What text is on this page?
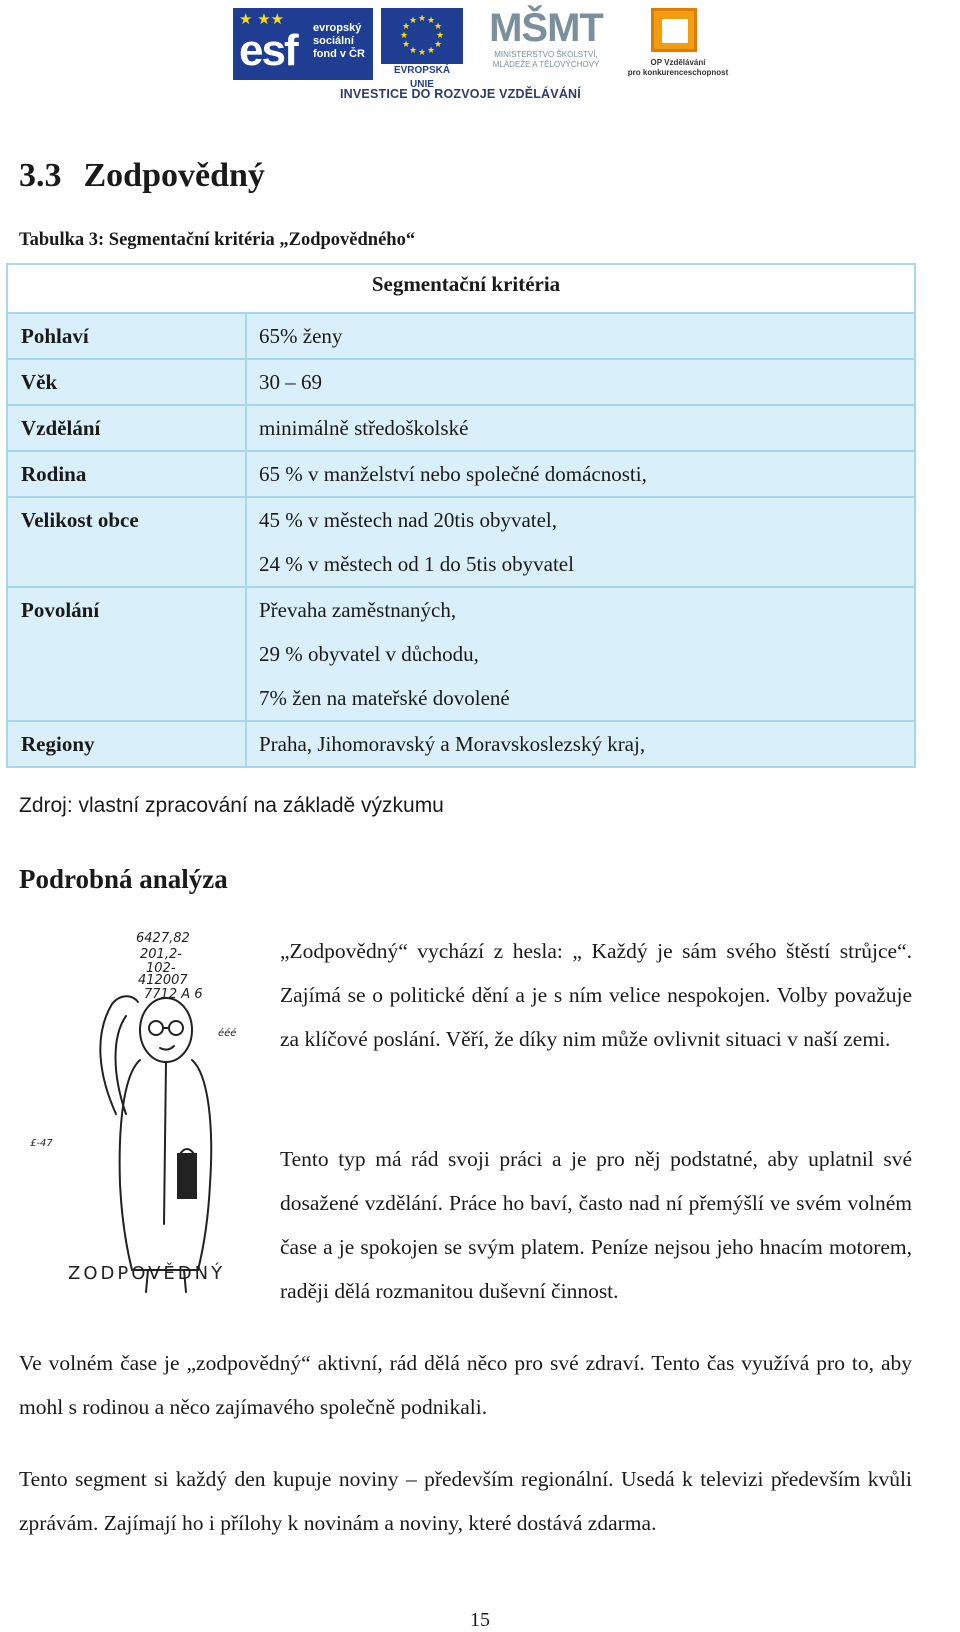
★ ★★
esf evropský
sociální
fond v ČR
★ ★
★
★
★
★
★
★
★
★
★
★
EVROPSKÁ UNIE
MŠMT
MINISTERSTVO ŠKOLSTVÍ,
MLÁDEŽE A TĚLOVÝCHOVY	OP Vzdělávání
pro konkurenceschopnost
INVESTICE DO ROZVOJE VZDĚLÁVÁNÍ
3.3 Zodpovědný

Tabulka 3: Segmentační kritéria „Zodpovědného“

Segmentační kritéria	

Pohlaví	65% ženy

Věk	30 – 69

Vzdělání	minimálně středoškolské

Rodina	65 % v manželství nebo společné domácnosti,

Velikost obce	45 % v městech nad 20tis obyvatel,
24 % v městech od 1 do 5tis obyvatel

Povolání	Převaha zaměstnaných,
29 % obyvatel v důchodu,
7% žen na mateřské dovolené

Regiony	Praha, Jihomoravský a Moravskoslezský kraj,

Zdroj: vlastní zpracování na základě výzkumu

Podrobná analýza
6427,82
201,2-
102-
412007
7712 A 6
ééé
£-47
ZODPOVĚDNÝ

„Zodpovědný“ vychází z hesla: „ Každý je sám svého štěstí strůjce“. Zajímá se o politické dění a je s ním velice nespokojen. Volby považuje za klíčové poslání. Věří, že díky nim může ovlivnit situaci v naší zemi.

Tento typ má rád svoji práci a je pro něj podstatné, aby uplatnil své dosažené vzdělání. Práce ho baví, často nad ní přemýšlí ve svém volném čase a je spokojen se svým platem. Peníze nejsou jeho hnacím motorem, raději dělá rozmanitou duševní činnost.

Ve volném čase je „zodpovědný“ aktivní, rád dělá něco pro své zdraví. Tento čas využívá pro to, aby mohl s rodinou a něco zajímavého společně podnikali.

Tento segment si každý den kupuje noviny – především regionální. Usedá k televizi především kvůli zprávám. Zajímají ho i přílohy k novinám a noviny, které dostává zdarma.

15
